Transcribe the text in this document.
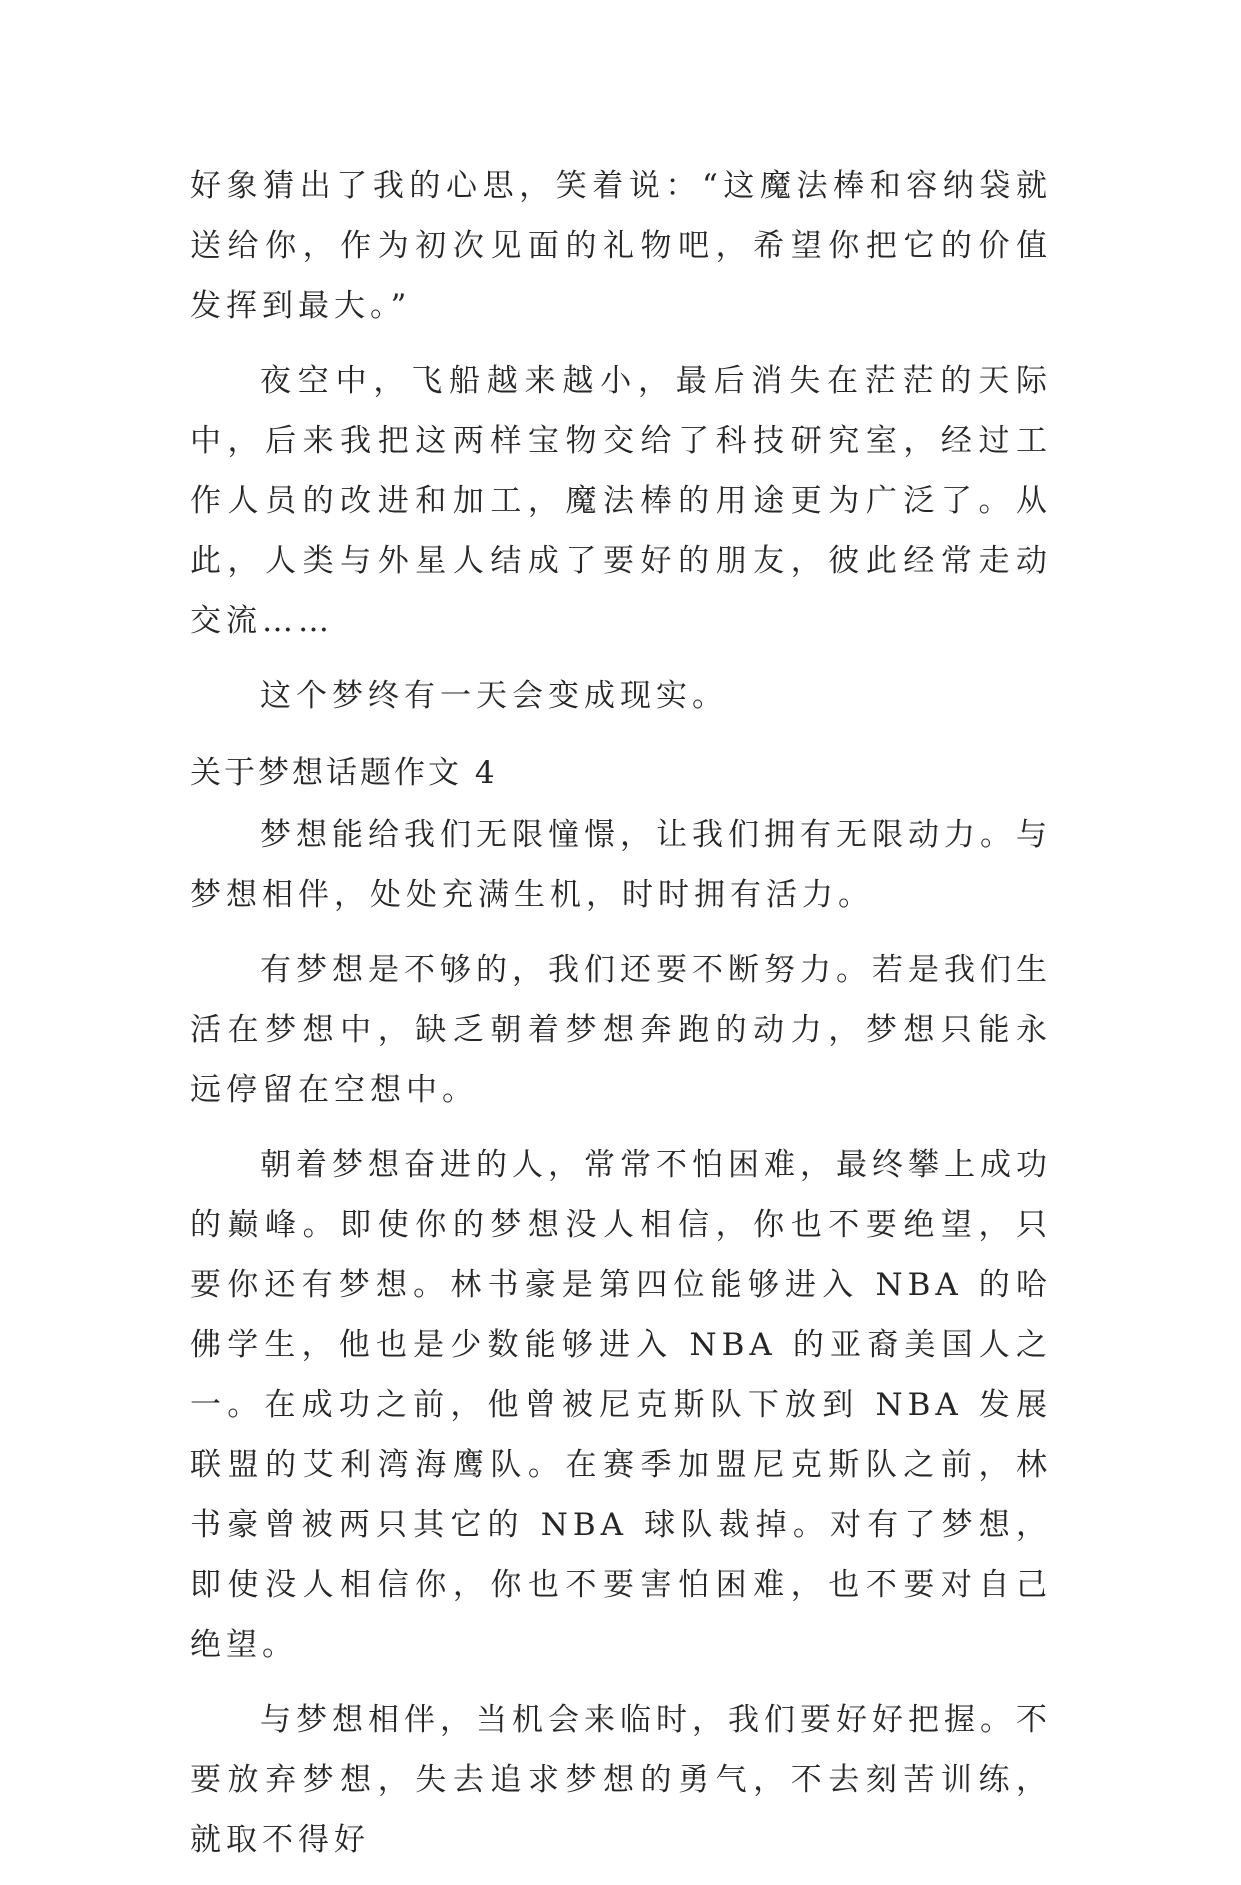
好象猜出了我的心思，笑着说：“这魔法棒和容纳袋就送给你，作为初次见面的礼物吧，希望你把它的价值发挥到最大。”

夜空中，飞船越来越小，最后消失在茫茫的天际中，后来我把这两样宝物交给了科技研究室，经过工作人员的改进和加工，魔法棒的用途更为广泛了。从此，人类与外星人结成了要好的朋友，彼此经常走动交流……

这个梦终有一天会变成现实。

关于梦想话题作文 4

梦想能给我们无限憧憬，让我们拥有无限动力。与梦想相伴，处处充满生机，时时拥有活力。

有梦想是不够的，我们还要不断努力。若是我们生活在梦想中，缺乏朝着梦想奔跑的动力，梦想只能永远停留在空想中。

朝着梦想奋进的人，常常不怕困难，最终攀上成功的巅峰。即使你的梦想没人相信，你也不要绝望，只要你还有梦想。林书豪是第四位能够进入 NBA 的哈佛学生，他也是少数能够进入 NBA 的亚裔美国人之一。在成功之前，他曾被尼克斯队下放到 NBA 发展联盟的艾利湾海鹰队。在赛季加盟尼克斯队之前，林书豪曾被两只其它的 NBA 球队裁掉。对有了梦想，即使没人相信你，你也不要害怕困难，也不要对自己绝望。

与梦想相伴，当机会来临时，我们要好好把握。不要放弃梦想，失去追求梦想的勇气，不去刻苦训练，就取不得好
